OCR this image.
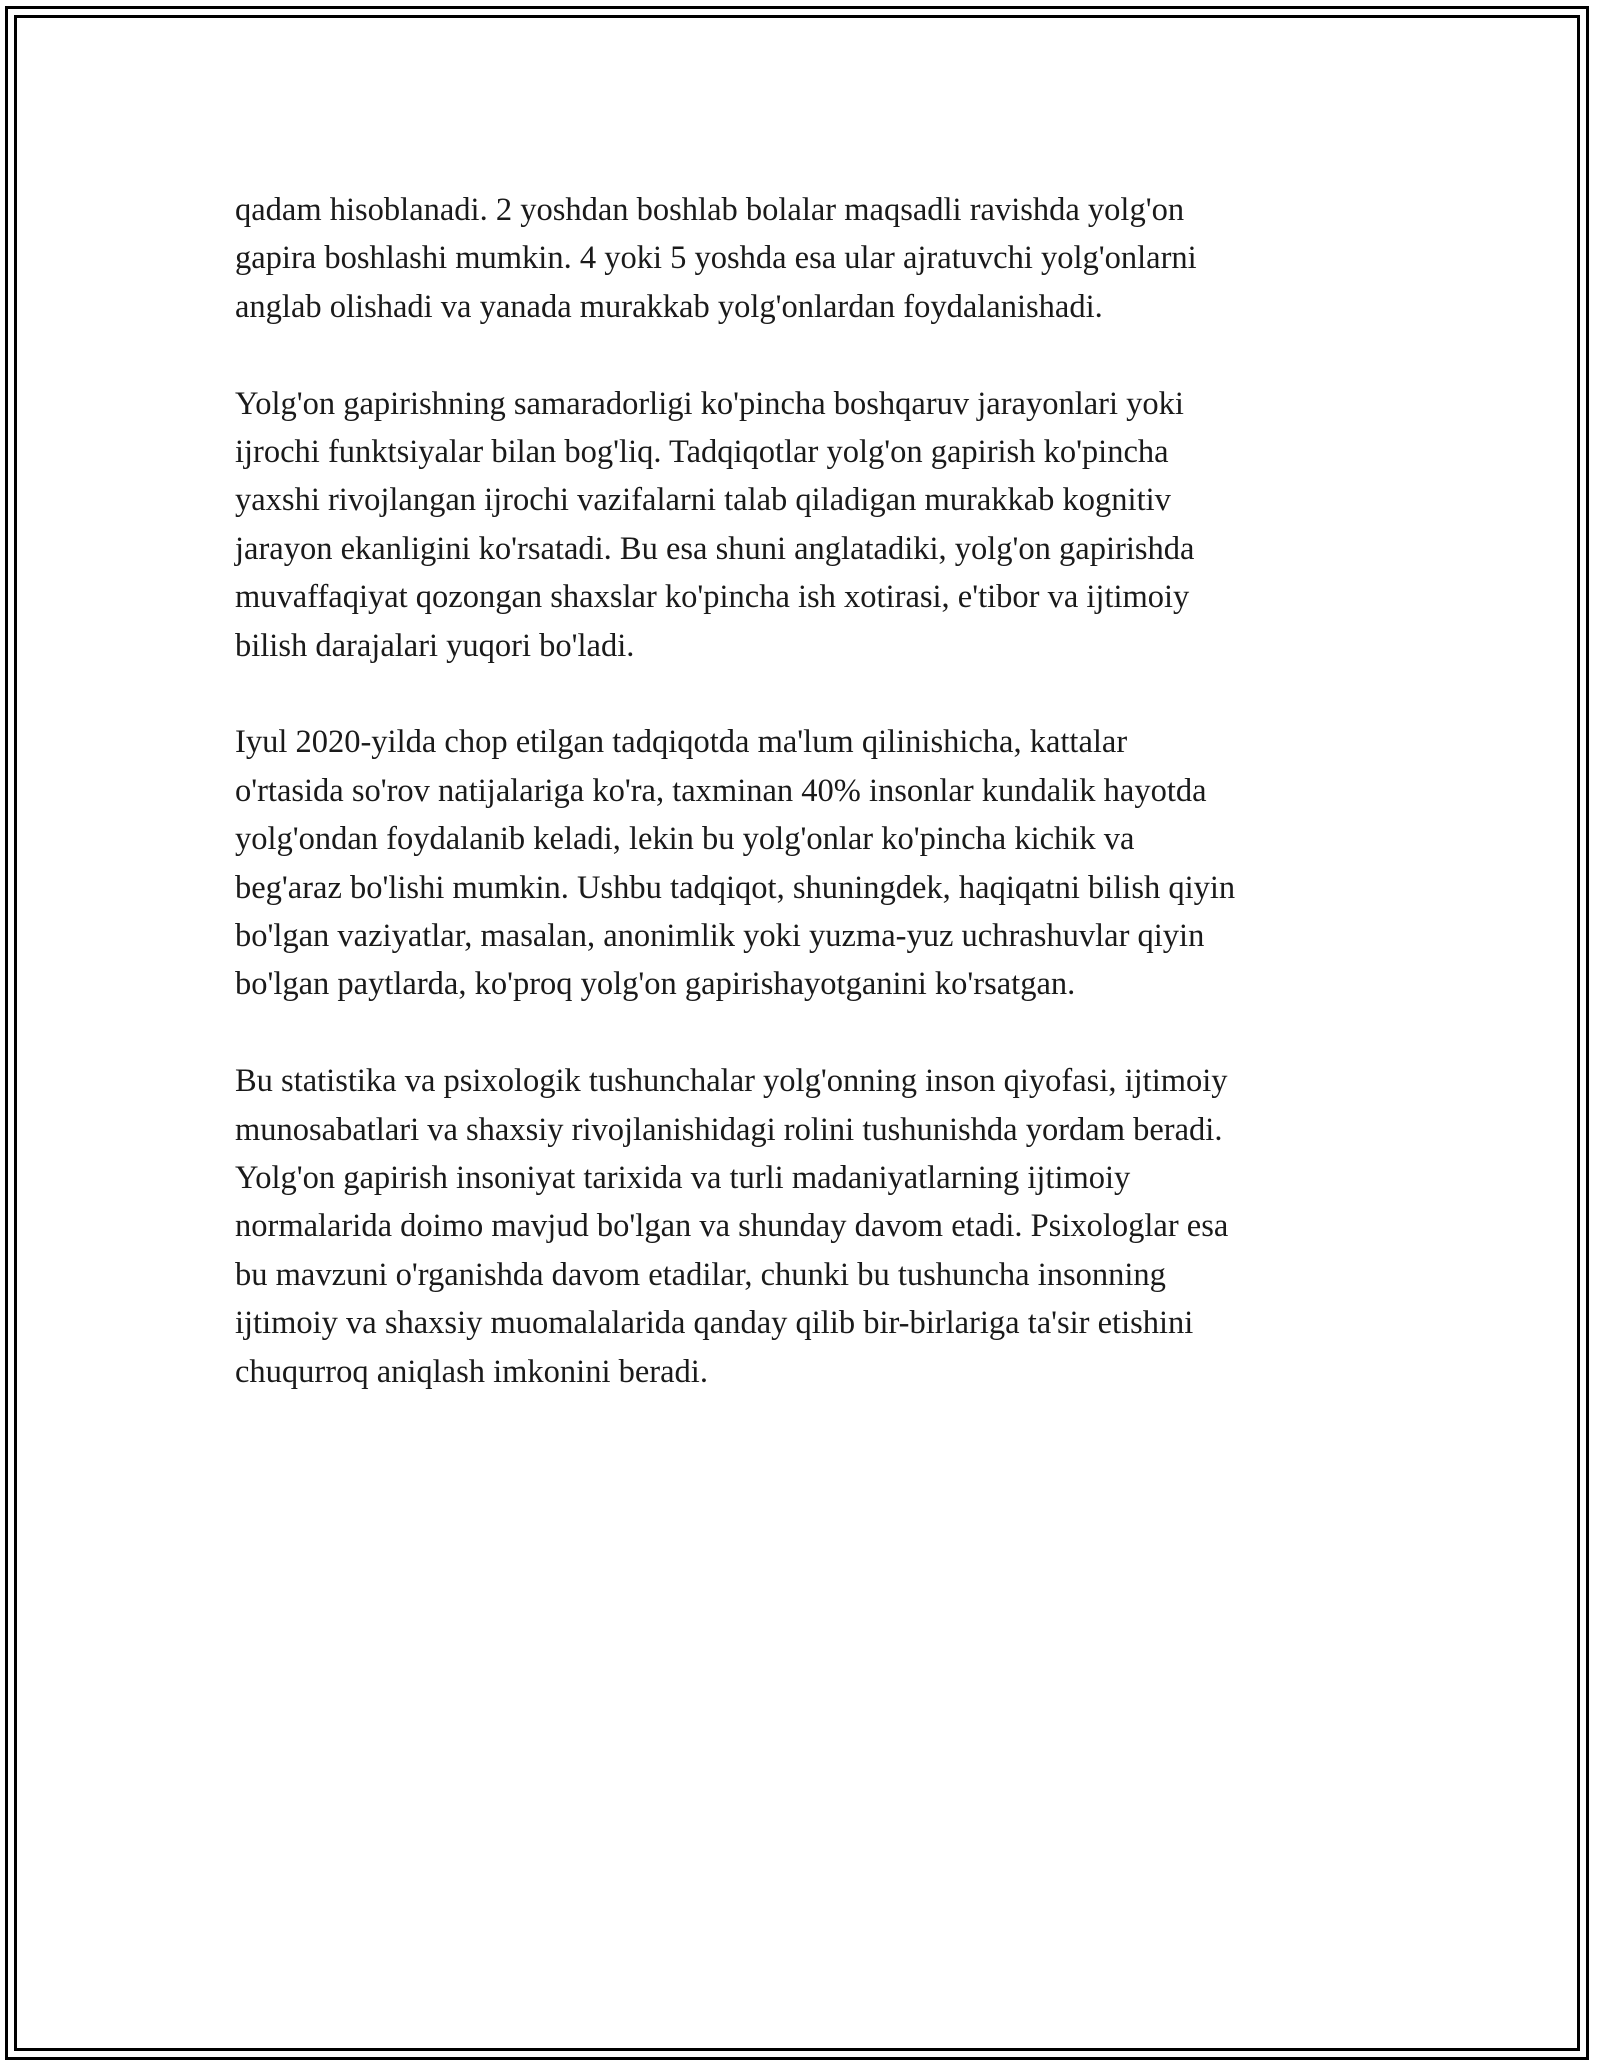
qadam hisoblanadi. 2 yoshdan boshlab bolalar maqsadli ravishda yolg'on
gapira boshlashi mumkin. 4 yoki 5 yoshda esa ular ajratuvchi yolg'onlarni
anglab olishadi va yanada murakkab yolg'onlardan foydalanishadi.

Yolg'on gapirishning samaradorligi ko'pincha boshqaruv jarayonlari yoki
ijrochi funktsiyalar bilan bog'liq. Tadqiqotlar yolg'on gapirish ko'pincha
yaxshi rivojlangan ijrochi vazifalarni talab qiladigan murakkab kognitiv
jarayon ekanligini ko'rsatadi. Bu esa shuni anglatadiki, yolg'on gapirishda
muvaffaqiyat qozongan shaxslar ko'pincha ish xotirasi, e'tibor va ijtimoiy
bilish darajalari yuqori bo'ladi.

Iyul 2020-yilda chop etilgan tadqiqotda ma'lum qilinishicha, kattalar
o'rtasida so'rov natijalariga ko'ra, taxminan 40% insonlar kundalik hayotda
yolg'ondan foydalanib keladi, lekin bu yolg'onlar ko'pincha kichik va
beg'araz bo'lishi mumkin. Ushbu tadqiqot, shuningdek, haqiqatni bilish qiyin
bo'lgan vaziyatlar, masalan, anonimlik yoki yuzma-yuz uchrashuvlar qiyin
bo'lgan paytlarda, ko'proq yolg'on gapirishayotganini ko'rsatgan.

Bu statistika va psixologik tushunchalar yolg'onning inson qiyofasi, ijtimoiy
munosabatlari va shaxsiy rivojlanishidagi rolini tushunishda yordam beradi.
Yolg'on gapirish insoniyat tarixida va turli madaniyatlarning ijtimoiy
normalarida doimo mavjud bo'lgan va shunday davom etadi. Psixologlar esa
bu mavzuni o'rganishda davom etadilar, chunki bu tushuncha insonning
ijtimoiy va shaxsiy muomalalarida qanday qilib bir-birlariga ta'sir etishini
chuqurroq aniqlash imkonini beradi.
